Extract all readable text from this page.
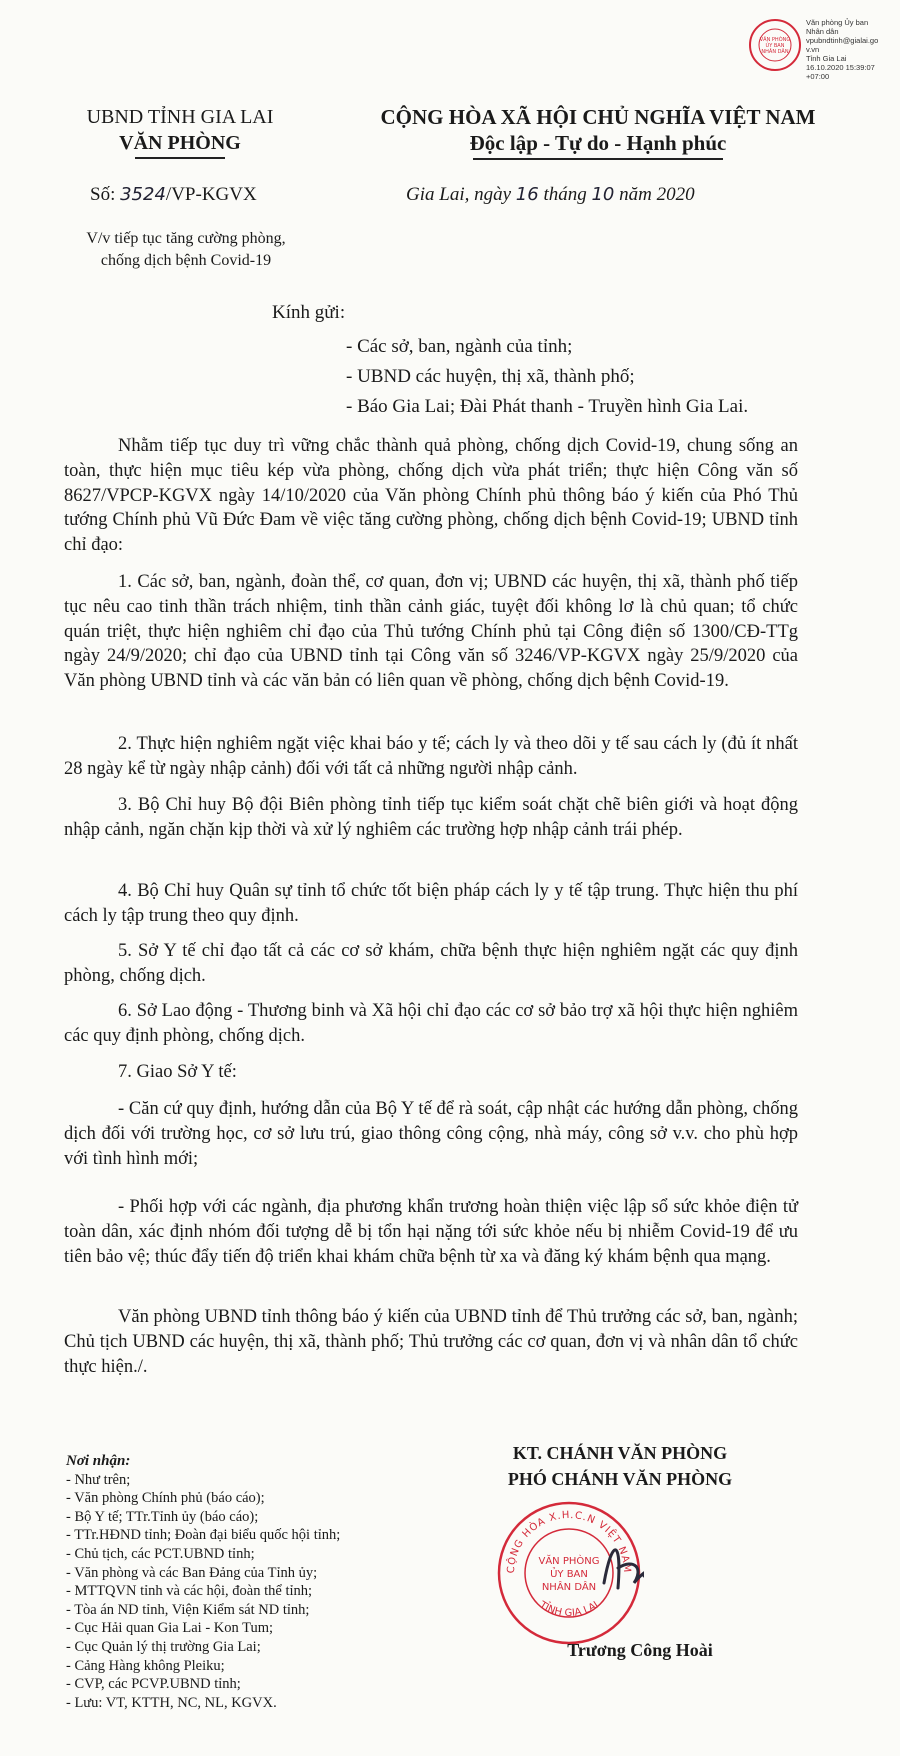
VĂN PHÒNG
ỦY BAN
NHÂN DÂN
Văn phòng Ủy ban
Nhân dân
vpubndtinh@gialai.go
v.vn
Tỉnh Gia Lai
16.10.2020 15:39:07
+07:00
UBND TỈNH GIA LAI
VĂN PHÒNG
CỘNG HÒA XÃ HỘI CHỦ NGHĨA VIỆT NAM
Độc lập - Tự do - Hạnh phúc
Số: 3524/VP-KGVX	Gia Lai, ngày 16 tháng 10 năm 2020
V/v tiếp tục tăng cường phòng,
chống dịch bệnh Covid-19
Kính gửi:
- Các sở, ban, ngành của tỉnh;
- UBND các huyện, thị xã, thành phố;
- Báo Gia Lai; Đài Phát thanh - Truyền hình Gia Lai.

Nhằm tiếp tục duy trì vững chắc thành quả phòng, chống dịch Covid-19, chung sống an toàn, thực hiện mục tiêu kép vừa phòng, chống dịch vừa phát triển; thực hiện Công văn số 8627/VPCP-KGVX ngày 14/10/2020 của Văn phòng Chính phủ thông báo ý kiến của Phó Thủ tướng Chính phủ Vũ Đức Đam về việc tăng cường phòng, chống dịch bệnh Covid-19; UBND tỉnh chỉ đạo:

1. Các sở, ban, ngành, đoàn thể, cơ quan, đơn vị; UBND các huyện, thị xã, thành phố tiếp tục nêu cao tinh thần trách nhiệm, tinh thần cảnh giác, tuyệt đối không lơ là chủ quan; tổ chức quán triệt, thực hiện nghiêm chỉ đạo của Thủ tướng Chính phủ tại Công điện số 1300/CĐ-TTg ngày 24/9/2020; chỉ đạo của UBND tỉnh tại Công văn số 3246/VP-KGVX ngày 25/9/2020 của Văn phòng UBND tỉnh và các văn bản có liên quan về phòng, chống dịch bệnh Covid-19.

2. Thực hiện nghiêm ngặt việc khai báo y tế; cách ly và theo dõi y tế sau cách ly (đủ ít nhất 28 ngày kể từ ngày nhập cảnh) đối với tất cả những người nhập cảnh.

3. Bộ Chỉ huy Bộ đội Biên phòng tỉnh tiếp tục kiểm soát chặt chẽ biên giới và hoạt động nhập cảnh, ngăn chặn kịp thời và xử lý nghiêm các trường hợp nhập cảnh trái phép.

4. Bộ Chỉ huy Quân sự tỉnh tổ chức tốt biện pháp cách ly y tế tập trung. Thực hiện thu phí cách ly tập trung theo quy định.

5. Sở Y tế chỉ đạo tất cả các cơ sở khám, chữa bệnh thực hiện nghiêm ngặt các quy định phòng, chống dịch.

6. Sở Lao động - Thương binh và Xã hội chỉ đạo các cơ sở bảo trợ xã hội thực hiện nghiêm các quy định phòng, chống dịch.

7. Giao Sở Y tế:

- Căn cứ quy định, hướng dẫn của Bộ Y tế để rà soát, cập nhật các hướng dẫn phòng, chống dịch đối với trường học, cơ sở lưu trú, giao thông công cộng, nhà máy, công sở v.v. cho phù hợp với tình hình mới;

- Phối hợp với các ngành, địa phương khẩn trương hoàn thiện việc lập sổ sức khỏe điện tử toàn dân, xác định nhóm đối tượng dễ bị tổn hại nặng tới sức khỏe nếu bị nhiễm Covid-19 để ưu tiên bảo vệ; thúc đẩy tiến độ triển khai khám chữa bệnh từ xa và đăng ký khám bệnh qua mạng.

Văn phòng UBND tỉnh thông báo ý kiến của UBND tỉnh để Thủ trưởng các sở, ban, ngành; Chủ tịch UBND các huyện, thị xã, thành phố; Thủ trưởng các cơ quan, đơn vị và nhân dân tổ chức thực hiện./.

Nơi nhận:
- Như trên;
- Văn phòng Chính phủ (báo cáo);
- Bộ Y tế; TTr.Tỉnh ủy (báo cáo);
- TTr.HĐND tỉnh; Đoàn đại biểu quốc hội tỉnh;
- Chủ tịch, các PCT.UBND tỉnh;
- Văn phòng và các Ban Đảng của Tỉnh ủy;
- MTTQVN tỉnh và các hội, đoàn thể tỉnh;
- Tòa án ND tỉnh, Viện Kiểm sát ND tỉnh;
- Cục Hải quan Gia Lai - Kon Tum;
- Cục Quản lý thị trường Gia Lai;
- Cảng Hàng không Pleiku;
- CVP, các PCVP.UBND tỉnh;
- Lưu: VT, KTTH, NC, NL, KGVX.
KT. CHÁNH VĂN PHÒNG
PHÓ CHÁNH VĂN PHÒNG
CỘNG HÒA X.H.C.N VIỆT NAM
TỈNH GIA LAI
VĂN PHÒNG
ỦY BAN
NHÂN DÂN
Trương Công Hoài
